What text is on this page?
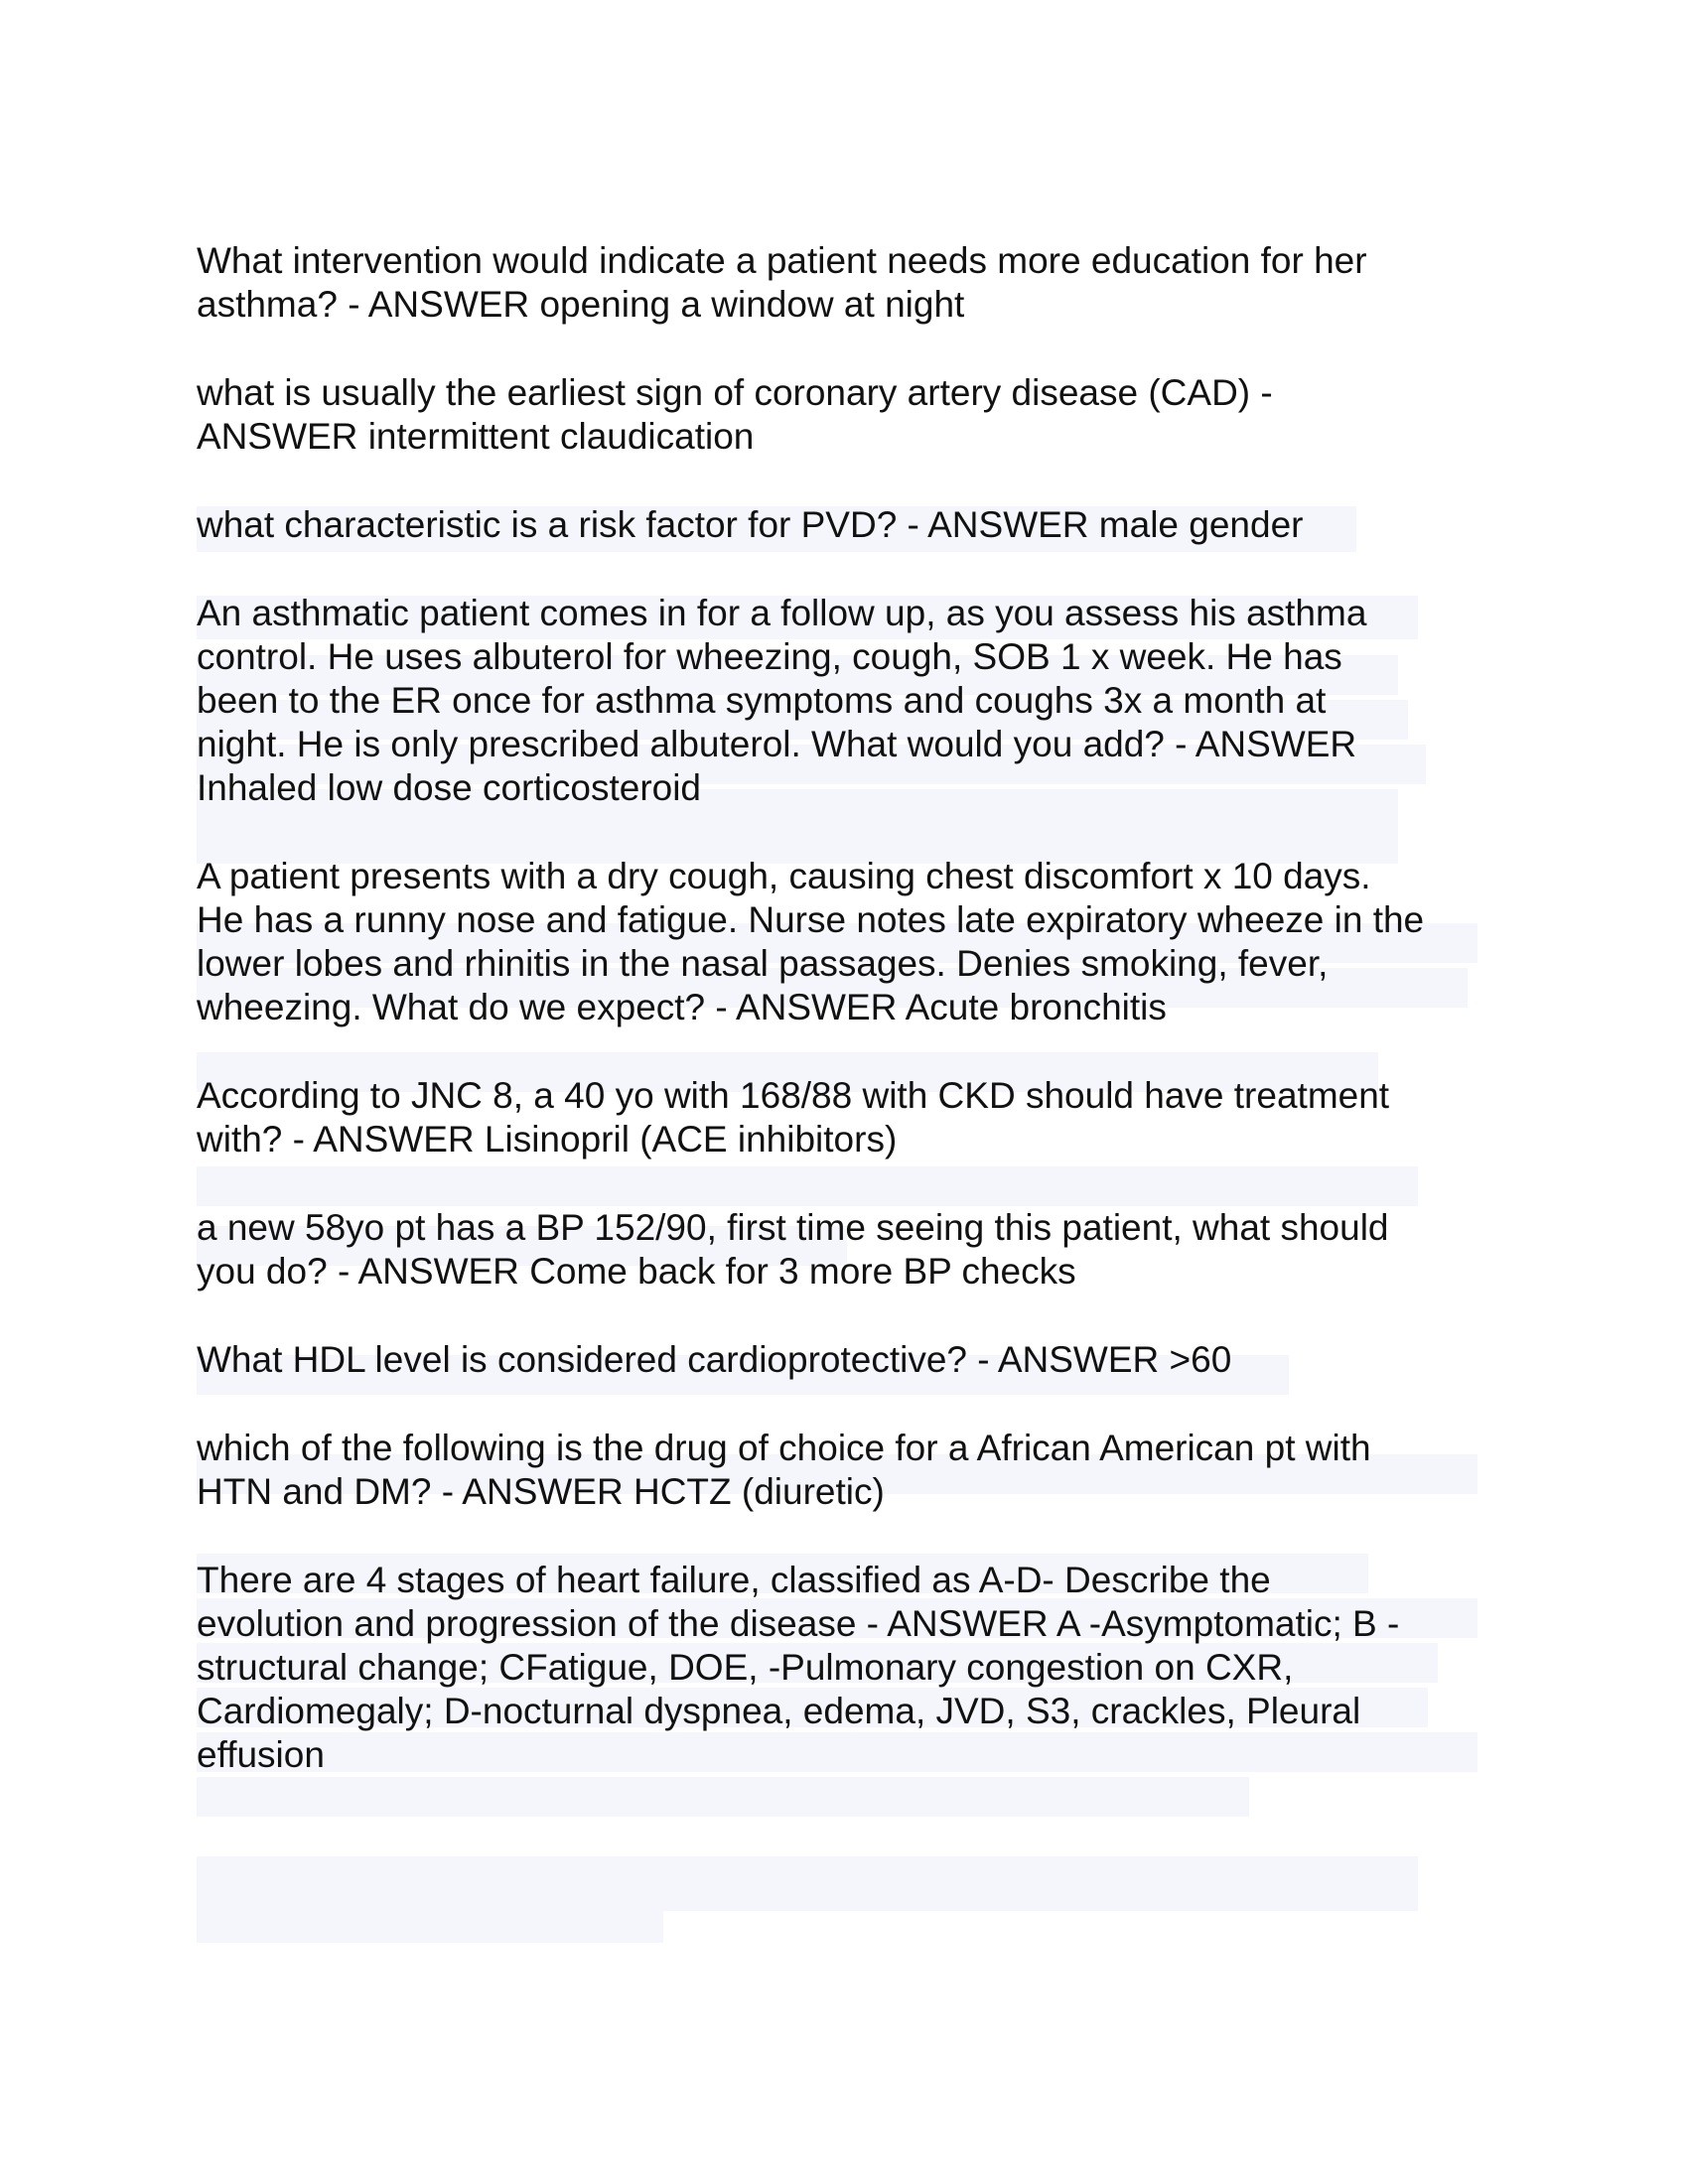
What intervention would indicate a patient needs more education for her
asthma? - ANSWER opening a window at night

what is usually the earliest sign of coronary artery disease (CAD) -
ANSWER intermittent claudication

what characteristic is a risk factor for PVD? - ANSWER male gender

An asthmatic patient comes in for a follow up, as you assess his asthma
control. He uses albuterol for wheezing, cough, SOB 1 x week. He has
been to the ER once for asthma symptoms and coughs 3x a month at
night. He is only prescribed albuterol. What would you add? - ANSWER
Inhaled low dose corticosteroid

A patient presents with a dry cough, causing chest discomfort x 10 days.
He has a runny nose and fatigue. Nurse notes late expiratory wheeze in the
lower lobes and rhinitis in the nasal passages. Denies smoking, fever,
wheezing. What do we expect? - ANSWER Acute bronchitis

According to JNC 8, a 40 yo with 168/88 with CKD should have treatment
with? - ANSWER Lisinopril (ACE inhibitors)

a new 58yo pt has a BP 152/90, first time seeing this patient, what should
you do? - ANSWER Come back for 3 more BP checks

What HDL level is considered cardioprotective? - ANSWER >60

which of the following is the drug of choice for a African American pt with
HTN and DM? - ANSWER HCTZ (diuretic)

There are 4 stages of heart failure, classified as A-D- Describe the
evolution and progression of the disease - ANSWER A -Asymptomatic; B -
structural change; CFatigue, DOE, -Pulmonary congestion on CXR,
Cardiomegaly; D-nocturnal dyspnea, edema, JVD, S3, crackles, Pleural
effusion
